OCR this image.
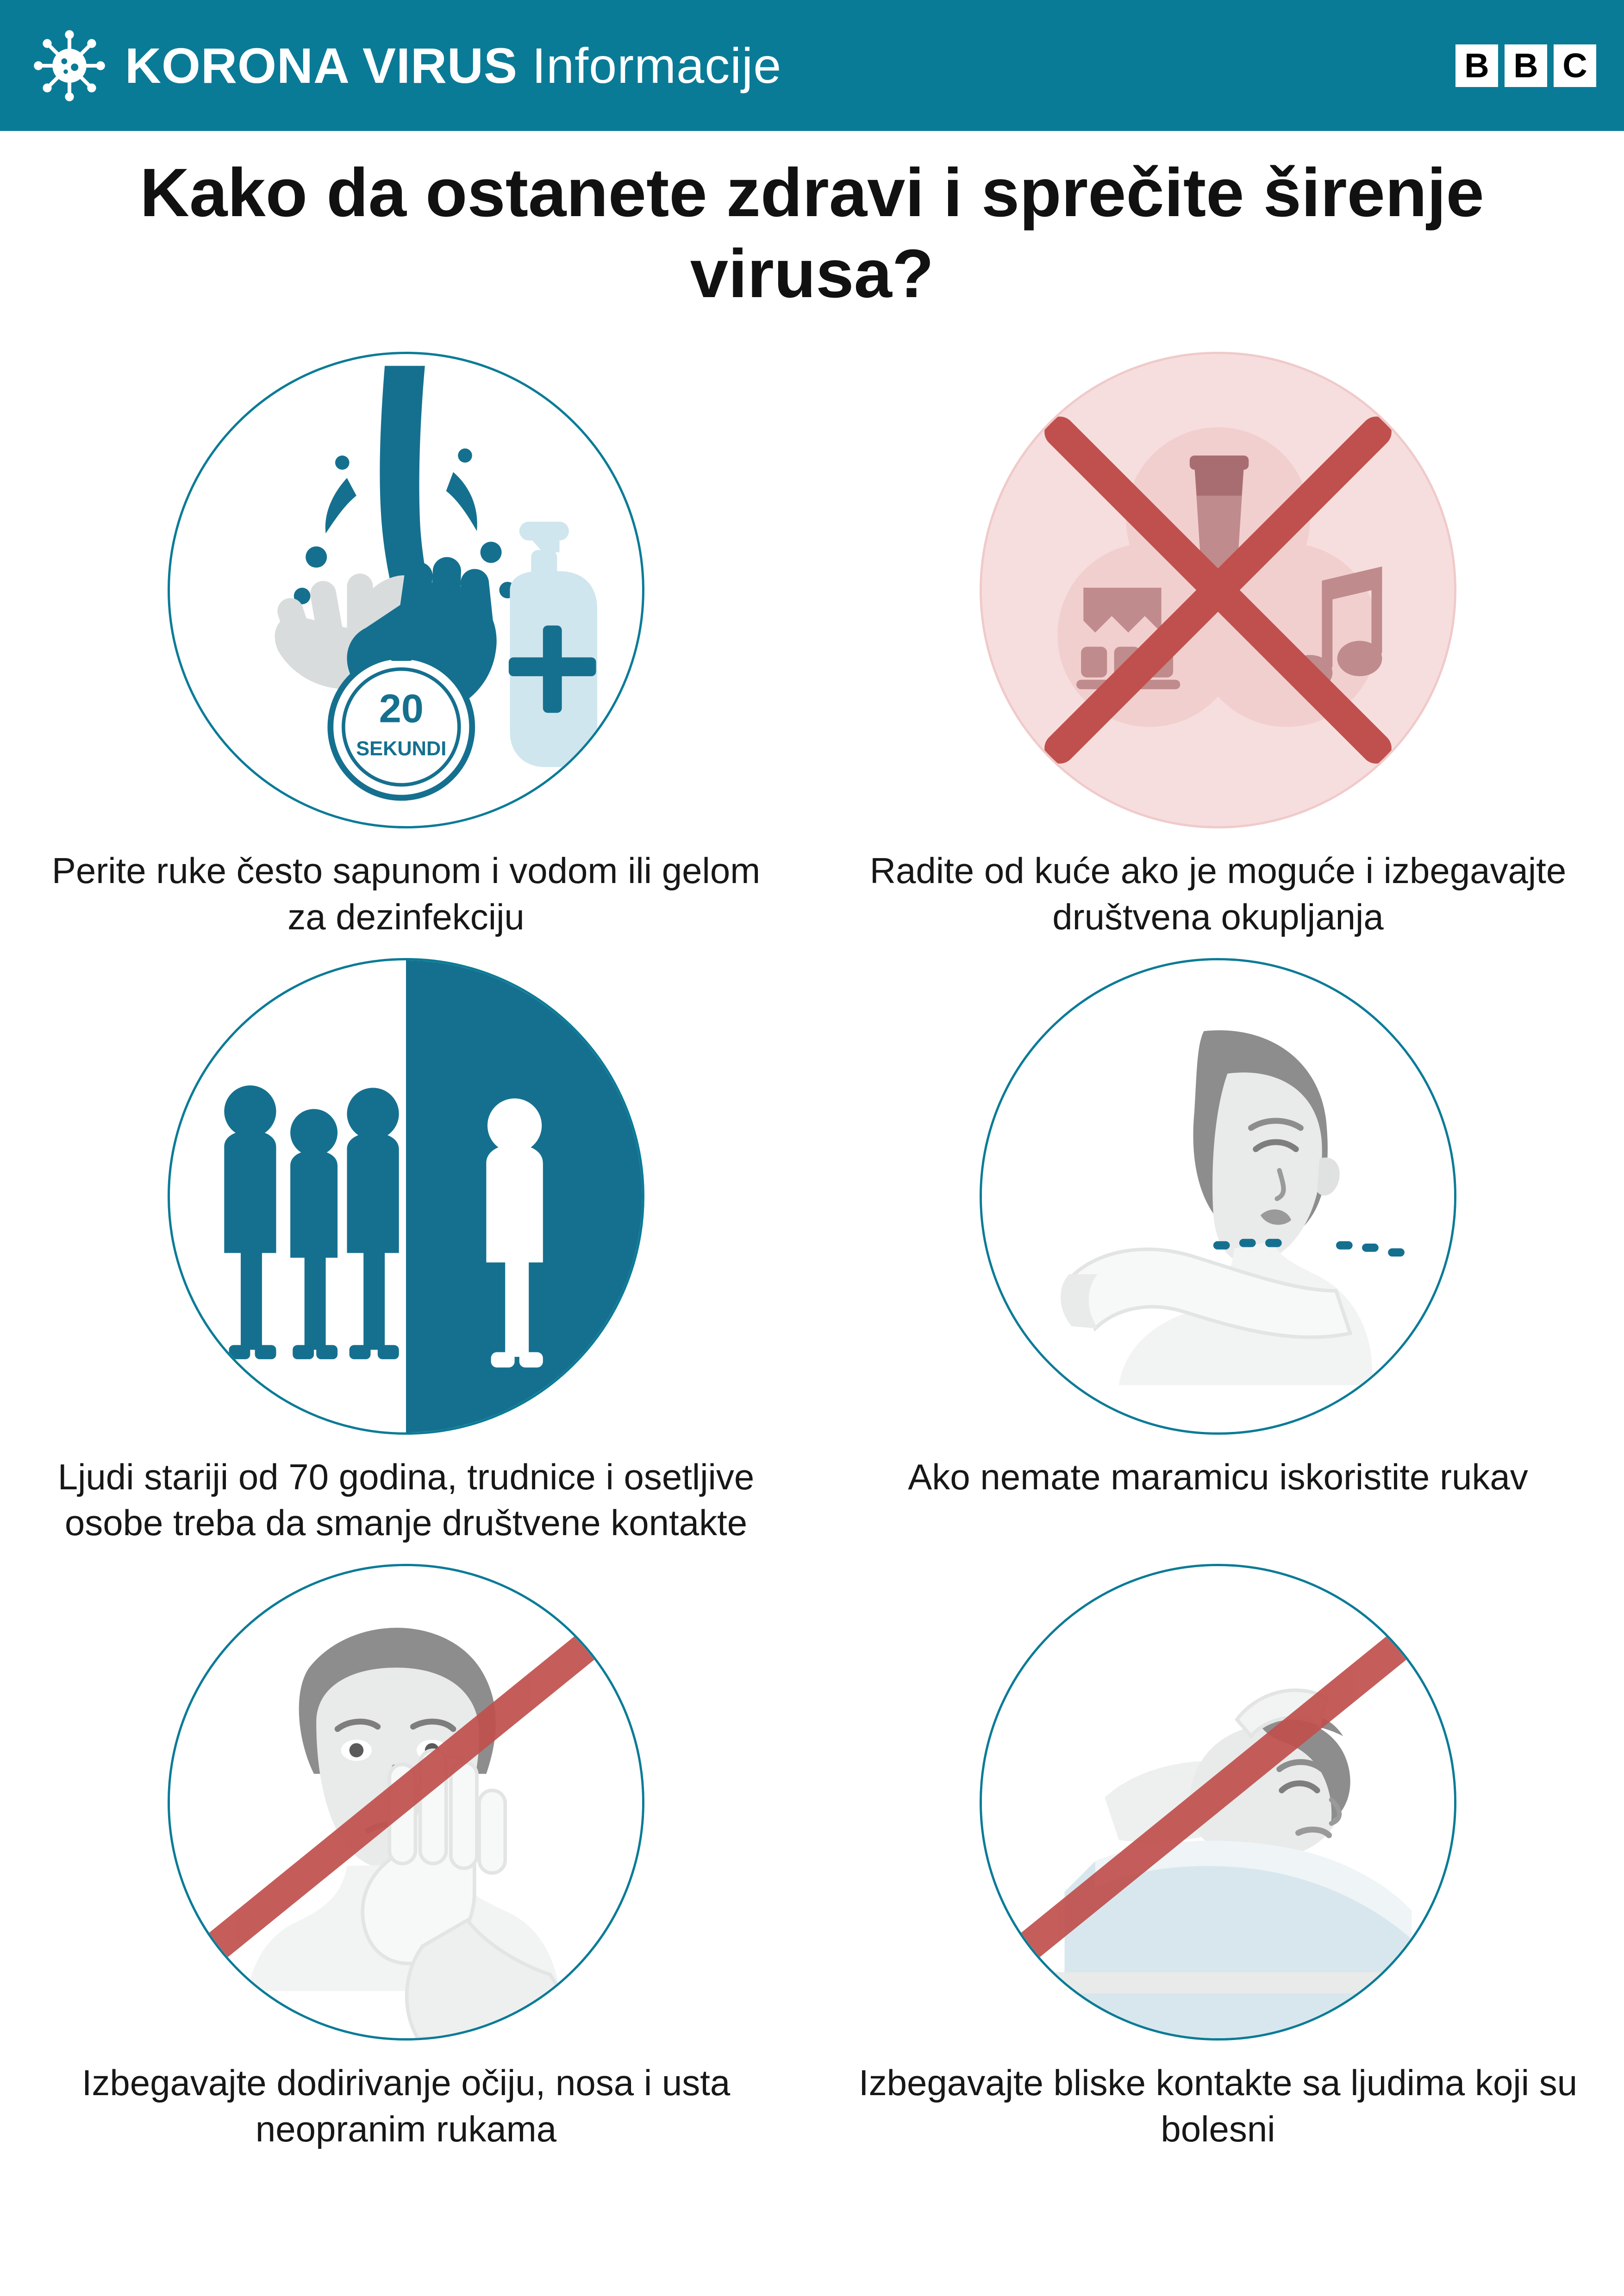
KORONA VIRUS Informacije	B B C
Kako da ostanete zdravi i sprečite širenje virusa?
20
SEKUNDI
Perite ruke često sapunom i vodom ili gelom za dezinfekciju
Radite od kuće ako je moguće i izbegavajte društvena okupljanja
Ljudi stariji od 70 godina, trudnice i osetljive osobe treba da smanje društvene kontakte
Ako nemate maramicu iskoristite rukav
Izbegavajte dodirivanje očiju, nosa i usta neopranim rukama
Izbegavajte bliske kontakte sa ljudima koji su bolesni
